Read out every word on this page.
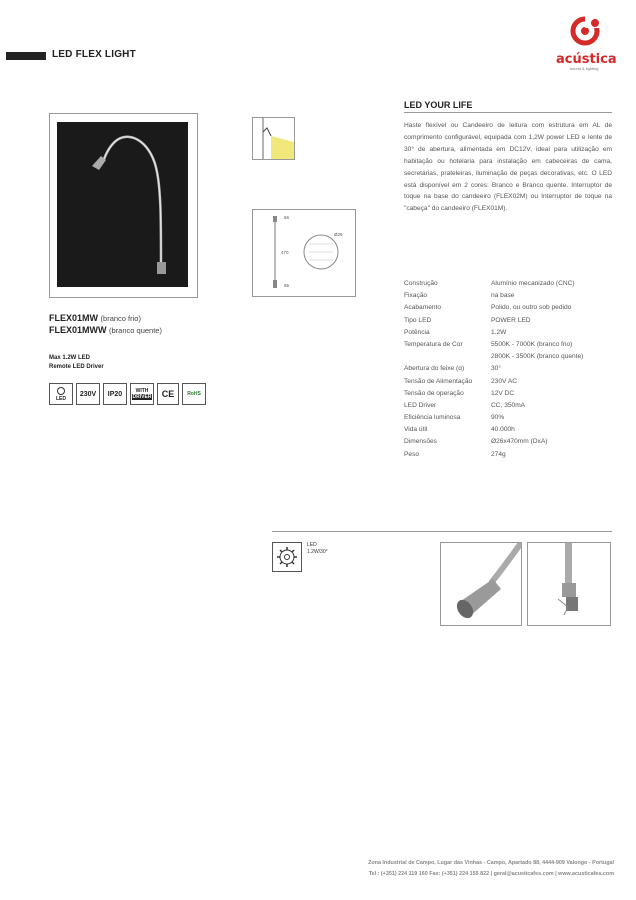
LED FLEX LIGHT	acústica
sound & lighting
FLEX01MW (branco frio)
FLEX01MWW (branco quente)
Max 1.2W LED
Remote LED Driver
LED
230V	IP20	WITH
DRIVER	CE	RoHS
56
470
65
Ø26
LED YOUR LIFE
Haste flexível ou Candeeiro de leitura com estrutura em AL de comprimento configurável, equipada com 1,2W power LED e lente de 30° de abertura, alimentada em DC12V, ideal para utilização em habitação ou hotelaria para instalação em cabeceiras de cama, secretárias, prateleiras, iluminação de peças decorativas, etc. O LED está disponível em 2 cores: Branco e Branco quente. Interruptor de toque na base do candeeiro (FLEX02M) ou Interruptor de toque na "cabeça" do candeeiro (FLEX01M).
Construção	Alumínio mecanizado (CNC)
Fixação	na base
Acabamento	Polido, ou outro sob pedido
Tipo LED	POWER LED
Potência	1.2W
Temperatura de Cor	5500K - 7000K (branco frio)
2800K - 3500K (branco quente)
Abertura do feixe (α)	30°
Tensão de Alimentação	230V AC
Tensão de operação	12V DC
LED Driver	CC, 350mA
Eficiência luminosa	90%
Vida útil	40.000h
Dimensões	Ø26x470mm (DxA)
Peso	274g
LED
1.2W/30°
Zona Industrial de Campo, Lugar das Vinhas - Campo, Apartado 88, 4444-909 Valongo - Portugal
Tel : (+351) 224 119 160 Fax: (+351) 224 155 822 | geral@acusticafes.com | www.acusticafes.com
